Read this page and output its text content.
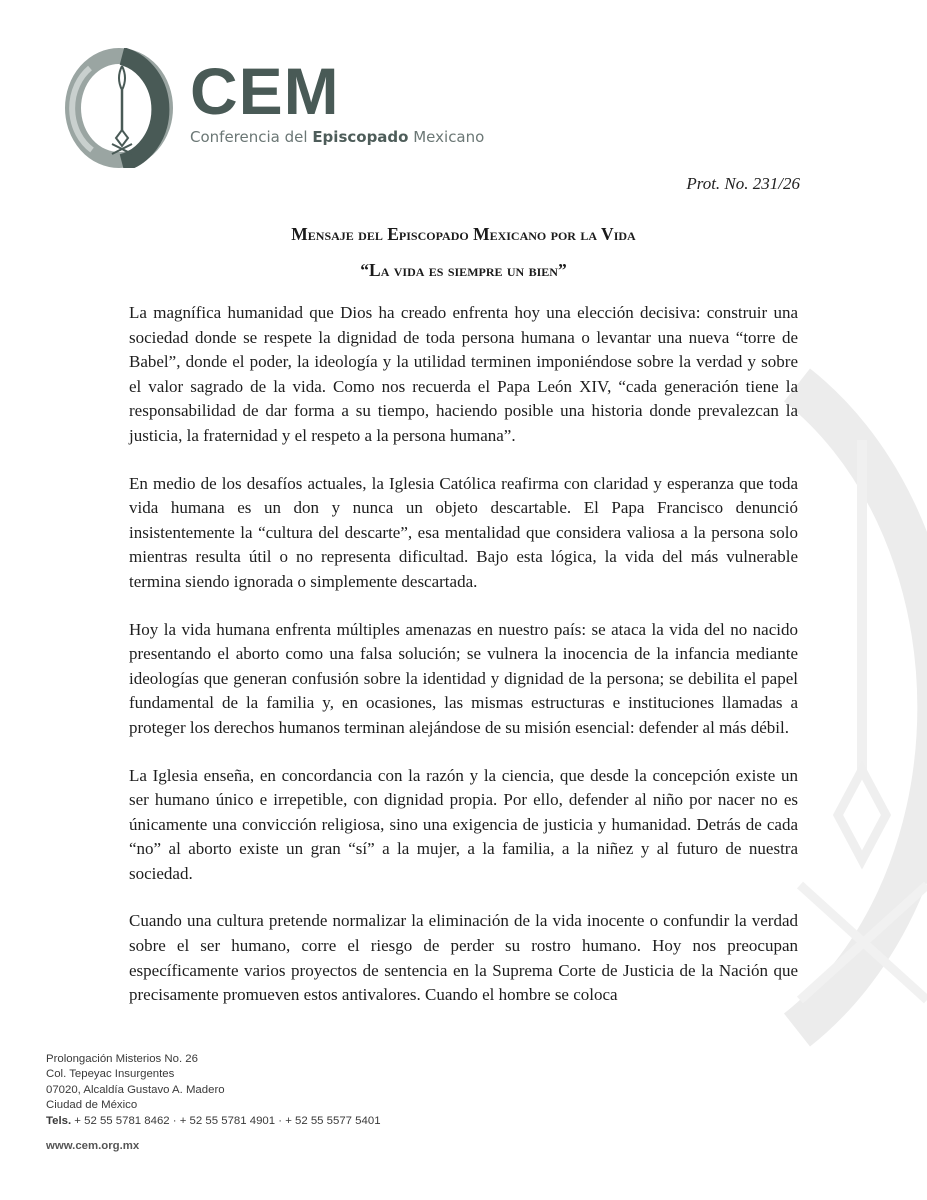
CEM
Conferencia del Episcopado Mexicano
Prot. No. 231/26
Mensaje del Episcopado Mexicano por la Vida
“La vida es siempre un bien”

La magnífica humanidad que Dios ha creado enfrenta hoy una elección decisiva: construir una sociedad donde se respete la dignidad de toda persona humana o levantar una nueva “torre de Babel”, donde el poder, la ideología y la utilidad terminen imponiéndose sobre la verdad y sobre el valor sagrado de la vida. Como nos recuerda el Papa León XIV, “cada generación tiene la responsabilidad de dar forma a su tiempo, haciendo posible una historia donde prevalezcan la justicia, la fraternidad y el respeto a la persona humana”.

En medio de los desafíos actuales, la Iglesia Católica reafirma con claridad y esperanza que toda vida humana es un don y nunca un objeto descartable. El Papa Francisco denunció insistentemente la “cultura del descarte”, esa mentalidad que considera valiosa a la persona solo mientras resulta útil o no representa dificultad. Bajo esta lógica, la vida del más vulnerable termina siendo ignorada o simplemente descartada.

Hoy la vida humana enfrenta múltiples amenazas en nuestro país: se ataca la vida del no nacido presentando el aborto como una falsa solución; se vulnera la inocencia de la infancia mediante ideologías que generan confusión sobre la identidad y dignidad de la persona; se debilita el papel fundamental de la familia y, en ocasiones, las mismas estructuras e instituciones llamadas a proteger los derechos humanos terminan alejándose de su misión esencial: defender al más débil.

La Iglesia enseña, en concordancia con la razón y la ciencia, que desde la concepción existe un ser humano único e irrepetible, con dignidad propia. Por ello, defender al niño por nacer no es únicamente una convicción religiosa, sino una exigencia de justicia y humanidad. Detrás de cada “no” al aborto existe un gran “sí” a la mujer, a la familia, a la niñez y al futuro de nuestra sociedad.

Cuando una cultura pretende normalizar la eliminación de la vida inocente o confundir la verdad sobre el ser humano, corre el riesgo de perder su rostro humano. Hoy nos preocupan específicamente varios proyectos de sentencia en la Suprema Corte de Justicia de la Nación que precisamente promueven estos antivalores. Cuando el hombre se coloca

Prolongación Misterios No. 26
Col. Tepeyac Insurgentes
07020, Alcaldía Gustavo A. Madero
Ciudad de México
Tels. + 52 55 5781 8462 · + 52 55 5781 4901 · + 52 55 5577 5401
www.cem.org.mx
